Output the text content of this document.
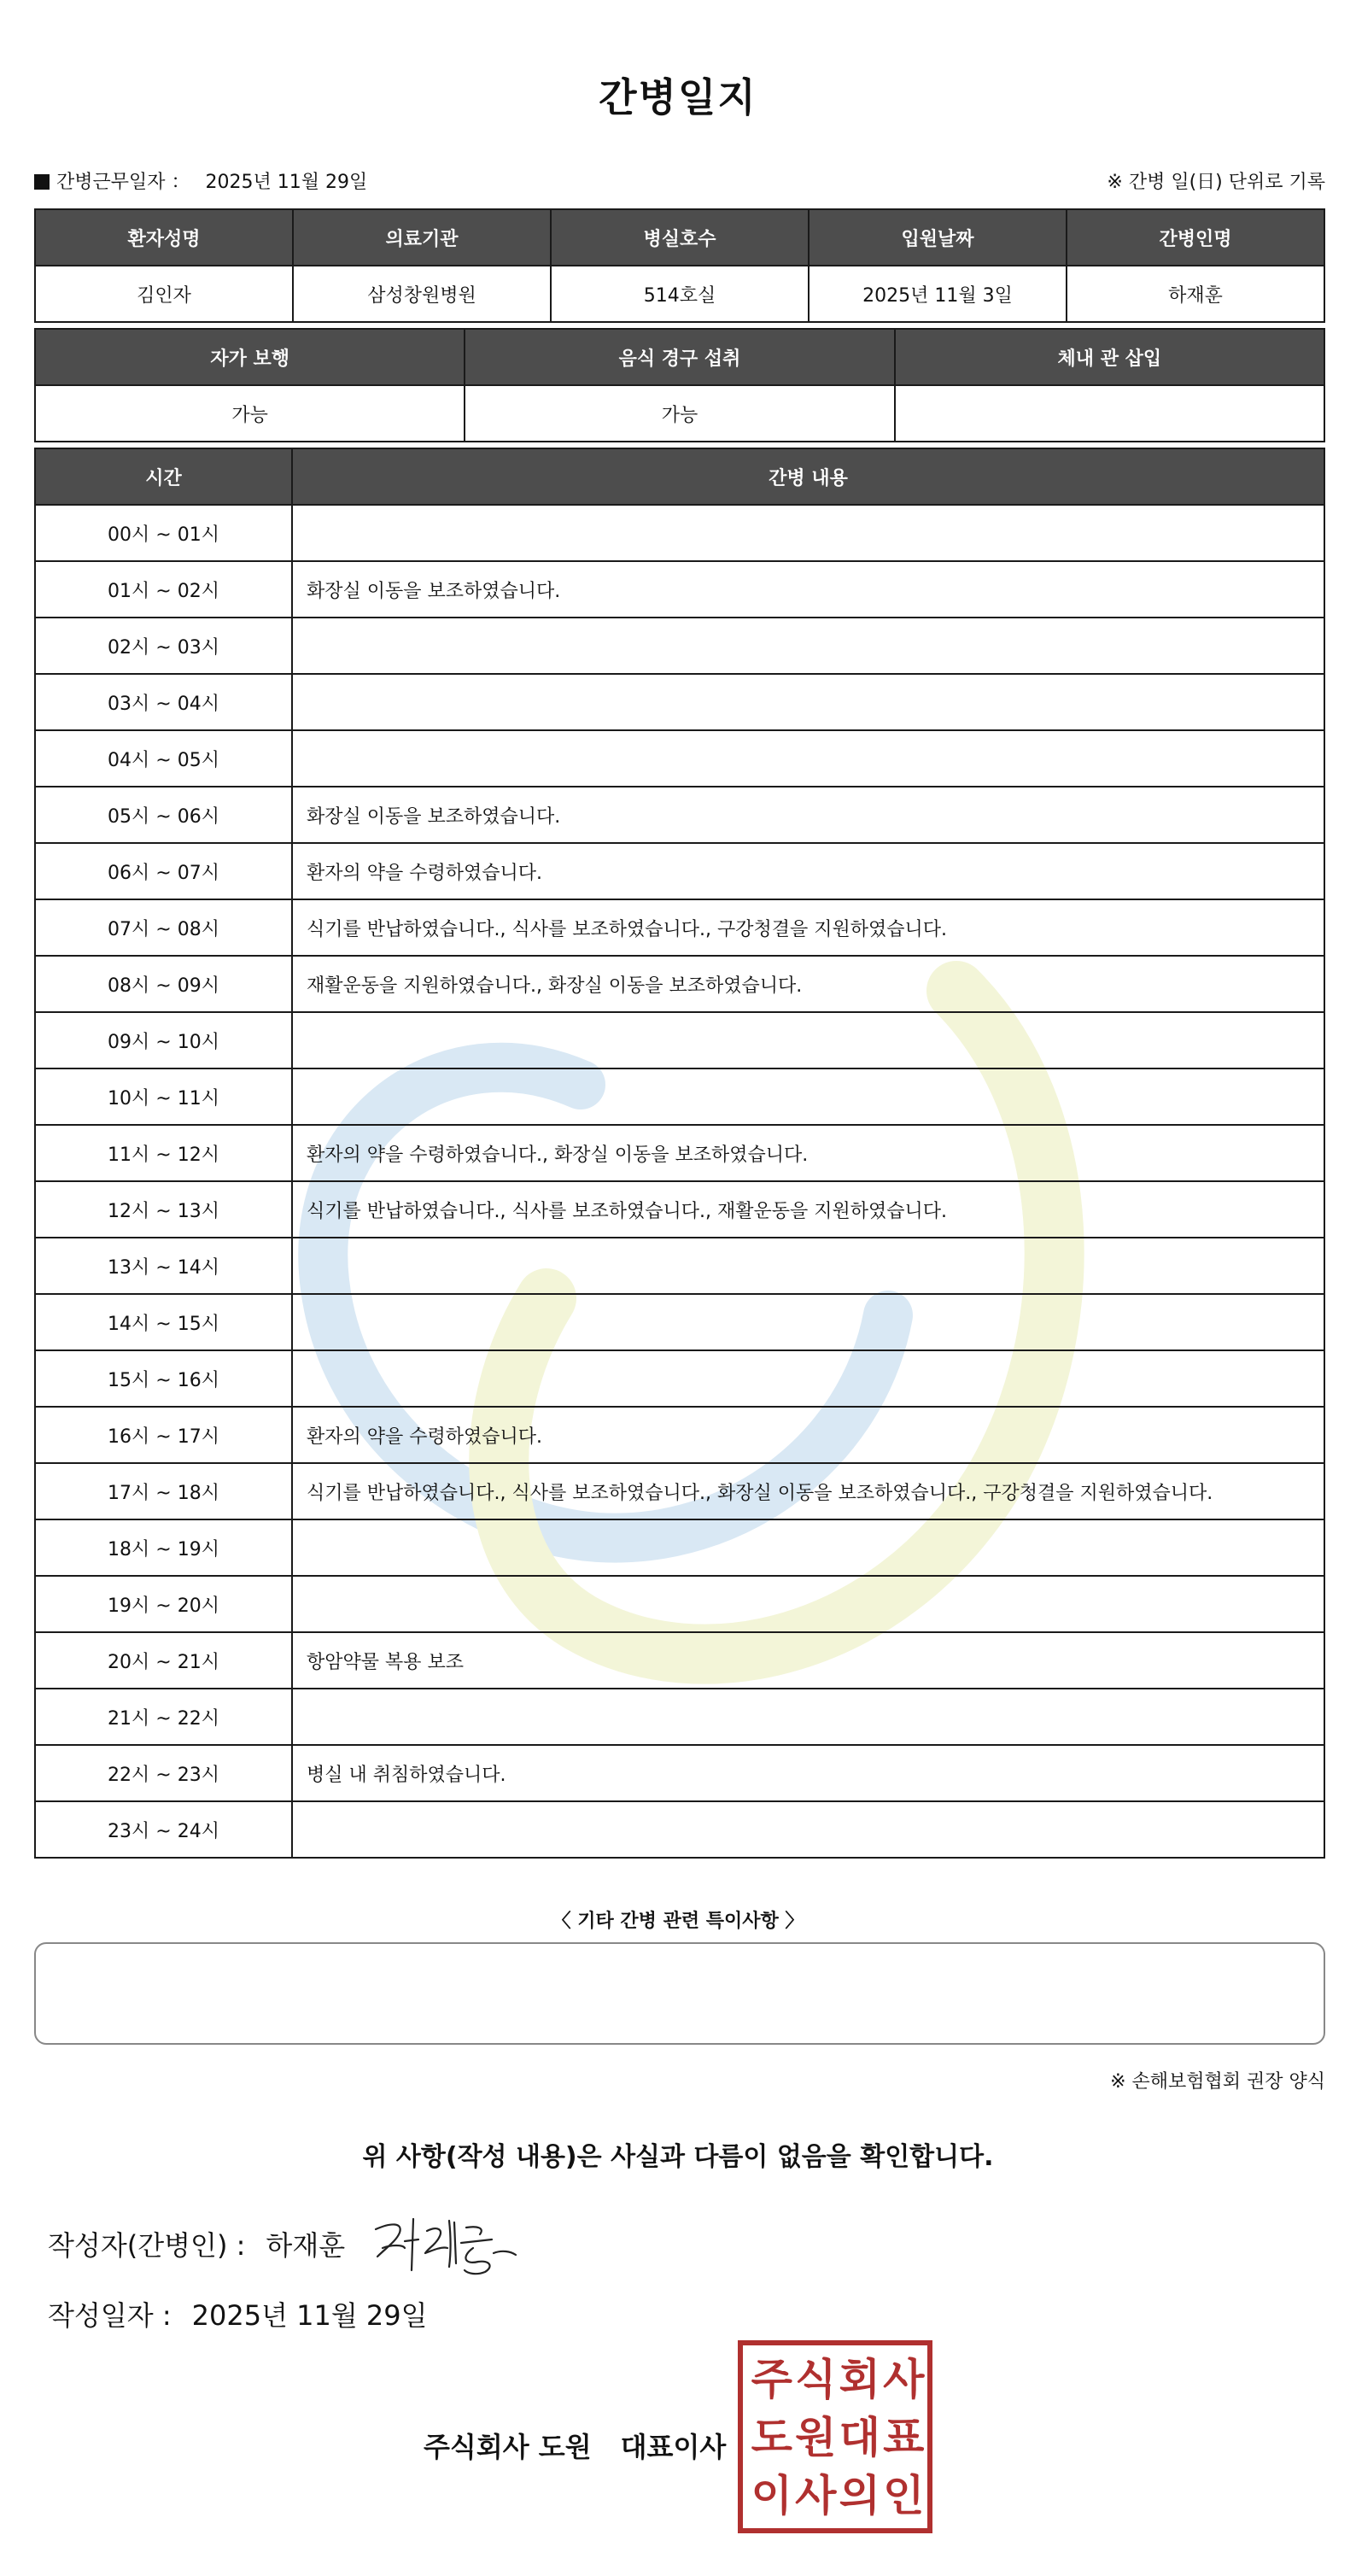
간병일지
간병근무일자 ： 2025년 11월 29일	※ 간병 일(日) 단위로 기록
환자성명	의료기관	병실호수	입원날짜	간병인명
김인자	삼성창원병원	514호실	2025년 11월 3일	하재훈
자가 보행	음식 경구 섭취	체내 관 삽입
가능	가능	
시간	간병 내용
00시 ~ 01시	
01시 ~ 02시	화장실 이동을 보조하였습니다.
02시 ~ 03시	
03시 ~ 04시	
04시 ~ 05시	
05시 ~ 06시	화장실 이동을 보조하였습니다.
06시 ~ 07시	환자의 약을 수령하였습니다.
07시 ~ 08시	식기를 반납하였습니다., 식사를 보조하였습니다., 구강청결을 지원하였습니다.
08시 ~ 09시	재활운동을 지원하였습니다., 화장실 이동을 보조하였습니다.
09시 ~ 10시	
10시 ~ 11시	
11시 ~ 12시	환자의 약을 수령하였습니다., 화장실 이동을 보조하였습니다.
12시 ~ 13시	식기를 반납하였습니다., 식사를 보조하였습니다., 재활운동을 지원하였습니다.
13시 ~ 14시	
14시 ~ 15시	
15시 ~ 16시	
16시 ~ 17시	환자의 약을 수령하였습니다.
17시 ~ 18시	식기를 반납하였습니다., 식사를 보조하였습니다., 화장실 이동을 보조하였습니다., 구강청결을 지원하였습니다.
18시 ~ 19시	
19시 ~ 20시	
20시 ~ 21시	항암약물 복용 보조
21시 ~ 22시	
22시 ~ 23시	병실 내 취침하였습니다.
23시 ~ 24시	
〈 기타 간병 관련 특이사항 〉
※ 손해보험협회 권장 양식
위 사항(작성 내용)은 사실과 다름이 없음을 확인합니다.
작성자(간병인) : 하재훈
작성일자 : 2025년 11월 29일
주식회사 도원 대표이사
주 식 회 사
도 원 대 표
이 사 의 인
